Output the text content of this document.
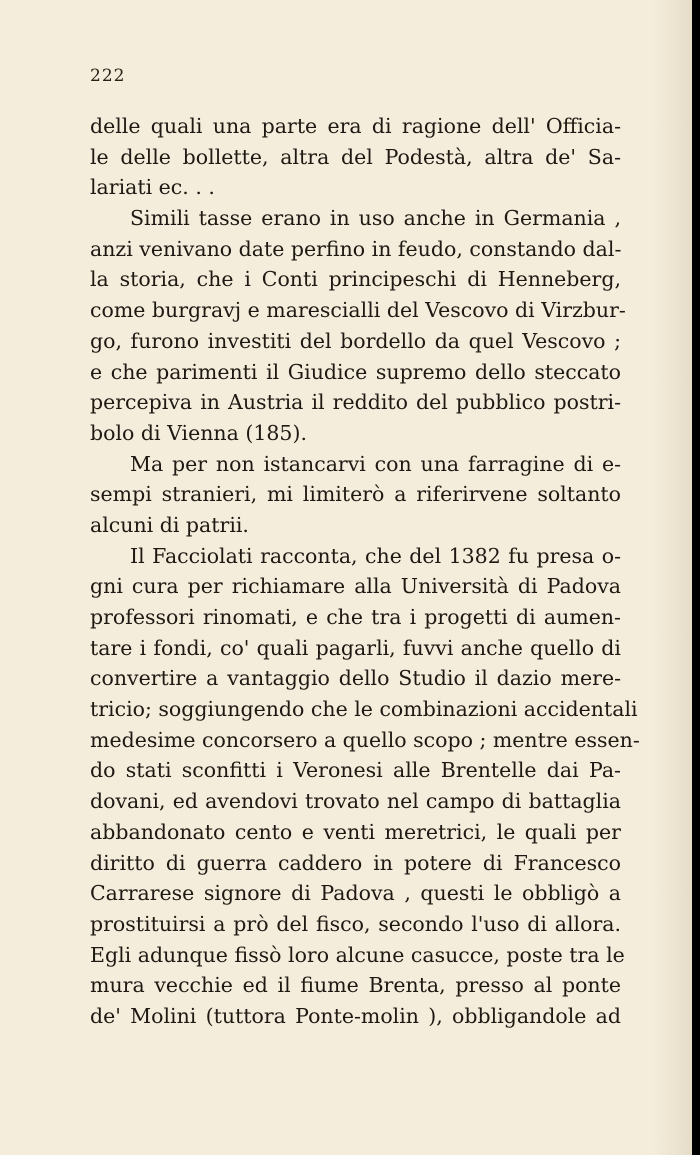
222
delle quali una parte era di ragione dell' Officia-
le delle bollette, altra del Podestà, altra de' Sa-
lariati ec. . .
Simili tasse erano in uso anche in Germania ,
anzi venivano date perfino in feudo, constando dal-
la storia, che i Conti principeschi di Henneberg,
come burgravj e marescialli del Vescovo di Virzbur-
go, furono investiti del bordello da quel Vescovo ;
e che parimenti il Giudice supremo dello steccato
percepiva in Austria il reddito del pubblico postri-
bolo di Vienna (185).
Ma per non istancarvi con una farragine di e-
sempi stranieri, mi limiterò a riferirvene soltanto
alcuni di patrii.
Il Facciolati racconta, che del 1382 fu presa o-
gni cura per richiamare alla Università di Padova
professori rinomati, e che tra i progetti di aumen-
tare i fondi, co' quali pagarli, fuvvi anche quello di
convertire a vantaggio dello Studio il dazio mere-
tricio; soggiungendo che le combinazioni accidentali
medesime concorsero a quello scopo ; mentre essen-
do stati sconfitti i Veronesi alle Brentelle dai Pa-
dovani, ed avendovi trovato nel campo di battaglia
abbandonato cento e venti meretrici, le quali per
diritto di guerra caddero in potere di Francesco
Carrarese signore di Padova , questi le obbligò a
prostituirsi a prò del fisco, secondo l'uso di allora.
Egli adunque fissò loro alcune casucce, poste tra le
mura vecchie ed il fiume Brenta, presso al ponte
de' Molini (tuttora Ponte-molin ), obbligandole ad
